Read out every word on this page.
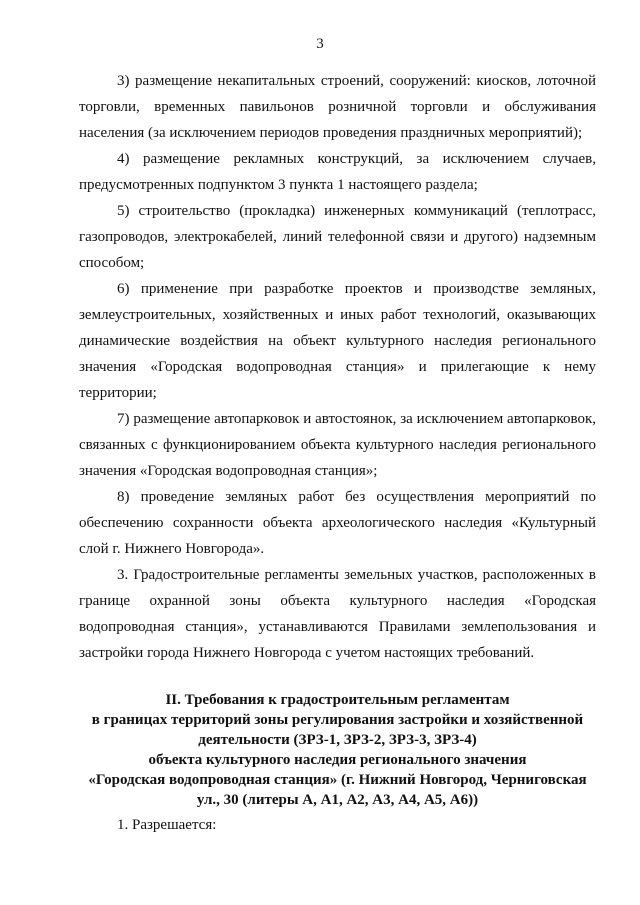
3

3) размещение некапитальных строений, сооружений: киосков, лоточной торговли, временных павильонов розничной торговли и обслуживания населения (за исключением периодов проведения праздничных мероприятий);

4) размещение рекламных конструкций, за исключением случаев, предусмотренных подпунктом 3 пункта 1 настоящего раздела;

5) строительство (прокладка) инженерных коммуникаций (теплотрасс, газопроводов, электрокабелей, линий телефонной связи и другого) надземным способом;

6) применение при разработке проектов и производстве земляных, землеустроительных, хозяйственных и иных работ технологий, оказывающих динамические воздействия на объект культурного наследия регионального значения «Городская водопроводная станция» и прилегающие к нему территории;

7) размещение автопарковок и автостоянок, за исключением автопарковок, связанных с функционированием объекта культурного наследия регионального значения «Городская водопроводная станция»;

8) проведение земляных работ без осуществления мероприятий по обеспечению сохранности объекта археологического наследия «Культурный слой г. Нижнего Новгорода».

3. Градостроительные регламенты земельных участков, расположенных в границе охранной зоны объекта культурного наследия «Городская водопроводная станция», устанавливаются Правилами землепользования и застройки города Нижнего Новгорода с учетом настоящих требований.

II. Требования к градостроительным регламентам
в границах территорий зоны регулирования застройки и хозяйственной
деятельности (ЗРЗ-1, ЗРЗ-2, ЗРЗ-3, ЗРЗ-4)
объекта культурного наследия регионального значения
«Городская водопроводная станция» (г. Нижний Новгород, Черниговская
ул., 30 (литеры А, А1, А2, А3, А4, А5, А6))

1. Разрешается:
